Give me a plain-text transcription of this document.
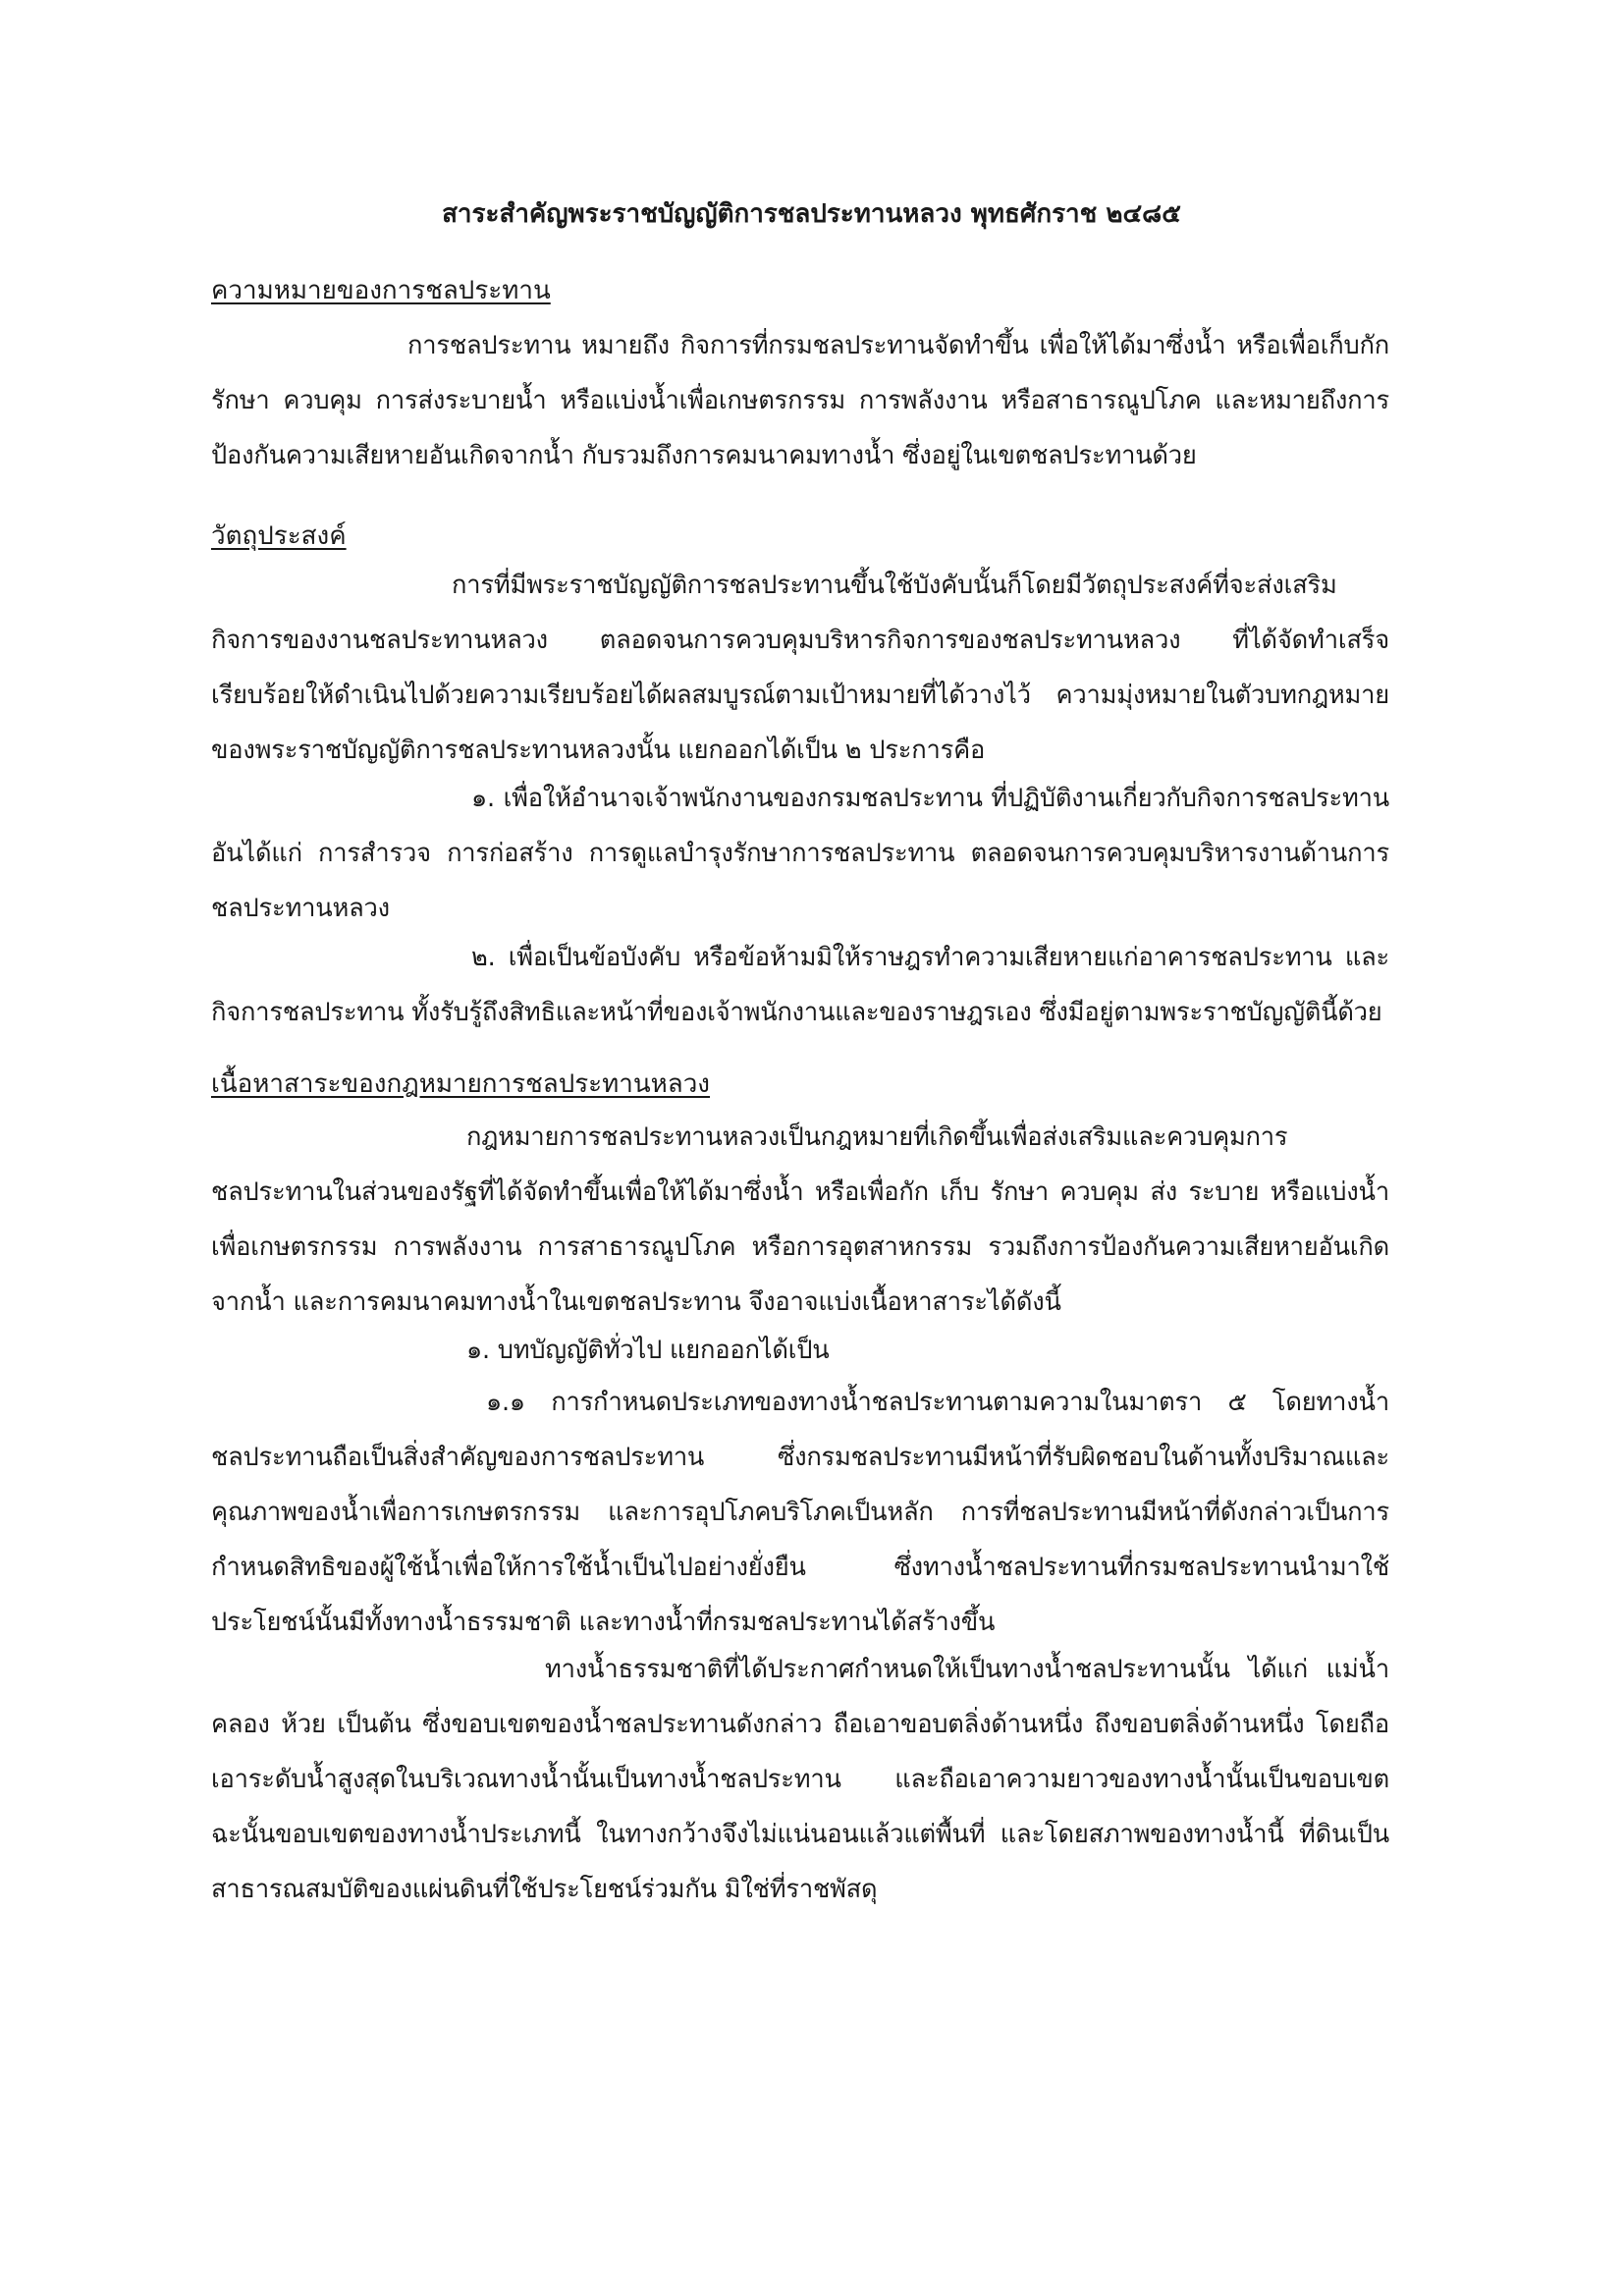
สาระสำคัญพระราชบัญญัติการชลประทานหลวง พุทธศักราช ๒๔๘๕
ความหมายของการชลประทาน

การชลประทาน หมายถึง กิจการที่กรมชลประทานจัดทำขึ้น เพื่อให้ได้มาซึ่งน้ำ หรือเพื่อเก็บกัก รักษา ควบคุม การส่งระบายน้ำ หรือแบ่งน้ำเพื่อเกษตรกรรม การพลังงาน หรือสาธารณูปโภค และหมายถึงการป้องกันความเสียหายอันเกิดจากน้ำ กับรวมถึงการคมนาคมทางน้ำ ซึ่งอยู่ในเขตชลประทานด้วย

วัตถุประสงค์

การที่มีพระราชบัญญัติการชลประทานขึ้นใช้บังคับนั้นก็โดยมีวัตถุประสงค์ที่จะส่งเสริมกิจการของงานชลประทานหลวง ตลอดจนการควบคุมบริหารกิจการของชลประทานหลวง ที่ได้จัดทำเสร็จเรียบร้อยให้ดำเนินไปด้วยความเรียบร้อยได้ผลสมบูรณ์ตามเป้าหมายที่ได้วางไว้ ความมุ่งหมายในตัวบทกฎหมายของพระราชบัญญัติการชลประทานหลวงนั้น แยกออกได้เป็น ๒ ประการคือ

๑. เพื่อให้อำนาจเจ้าพนักงานของกรมชลประทาน ที่ปฏิบัติงานเกี่ยวกับกิจการชลประทานอันได้แก่ การสำรวจ การก่อสร้าง การดูแลบำรุงรักษาการชลประทาน ตลอดจนการควบคุมบริหารงานด้านการชลประทานหลวง

๒. เพื่อเป็นข้อบังคับ หรือข้อห้ามมิให้ราษฎรทำความเสียหายแก่อาคารชลประทาน และกิจการชลประทาน ทั้งรับรู้ถึงสิทธิและหน้าที่ของเจ้าพนักงานและของราษฎรเอง ซึ่งมีอยู่ตามพระราชบัญญัตินี้ด้วย

เนื้อหาสาระของกฎหมายการชลประทานหลวง

กฎหมายการชลประทานหลวงเป็นกฎหมายที่เกิดขึ้นเพื่อส่งเสริมและควบคุมการชลประทานในส่วนของรัฐที่ได้จัดทำขึ้นเพื่อให้ได้มาซึ่งน้ำ หรือเพื่อกัก เก็บ รักษา ควบคุม ส่ง ระบาย หรือแบ่งน้ำเพื่อเกษตรกรรม การพลังงาน การสาธารณูปโภค หรือการอุตสาหกรรม รวมถึงการป้องกันความเสียหายอันเกิดจากน้ำ และการคมนาคมทางน้ำในเขตชลประทาน จึงอาจแบ่งเนื้อหาสาระได้ดังนี้

๑. บทบัญญัติทั่วไป แยกออกได้เป็น

๑.๑ การกำหนดประเภทของทางน้ำชลประทานตามความในมาตรา ๕ โดยทางน้ำชลประทานถือเป็นสิ่งสำคัญของการชลประทาน ซึ่งกรมชลประทานมีหน้าที่รับผิดชอบในด้านทั้งปริมาณและคุณภาพของน้ำเพื่อการเกษตรกรรม และการอุปโภคบริโภคเป็นหลัก การที่ชลประทานมีหน้าที่ดังกล่าวเป็นการกำหนดสิทธิของผู้ใช้น้ำเพื่อให้การใช้น้ำเป็นไปอย่างยั่งยืน ซึ่งทางน้ำชลประทานที่กรมชลประทานนำมาใช้ประโยชน์นั้นมีทั้งทางน้ำธรรมชาติ และทางน้ำที่กรมชลประทานได้สร้างขึ้น

ทางน้ำธรรมชาติที่ได้ประกาศกำหนดให้เป็นทางน้ำชลประทานนั้น ได้แก่ แม่น้ำ คลอง ห้วย เป็นต้น ซึ่งขอบเขตของน้ำชลประทานดังกล่าว ถือเอาขอบตลิ่งด้านหนึ่ง ถึงขอบตลิ่งด้านหนึ่ง โดยถือเอาระดับน้ำสูงสุดในบริเวณทางน้ำนั้นเป็นทางน้ำชลประทาน และถือเอาความยาวของทางน้ำนั้นเป็นขอบเขตฉะนั้นขอบเขตของทางน้ำประเภทนี้ ในทางกว้างจึงไม่แน่นอนแล้วแต่พื้นที่ และโดยสภาพของทางน้ำนี้ ที่ดินเป็นสาธารณสมบัติของแผ่นดินที่ใช้ประโยชน์ร่วมกัน มิใช่ที่ราชพัสดุ
